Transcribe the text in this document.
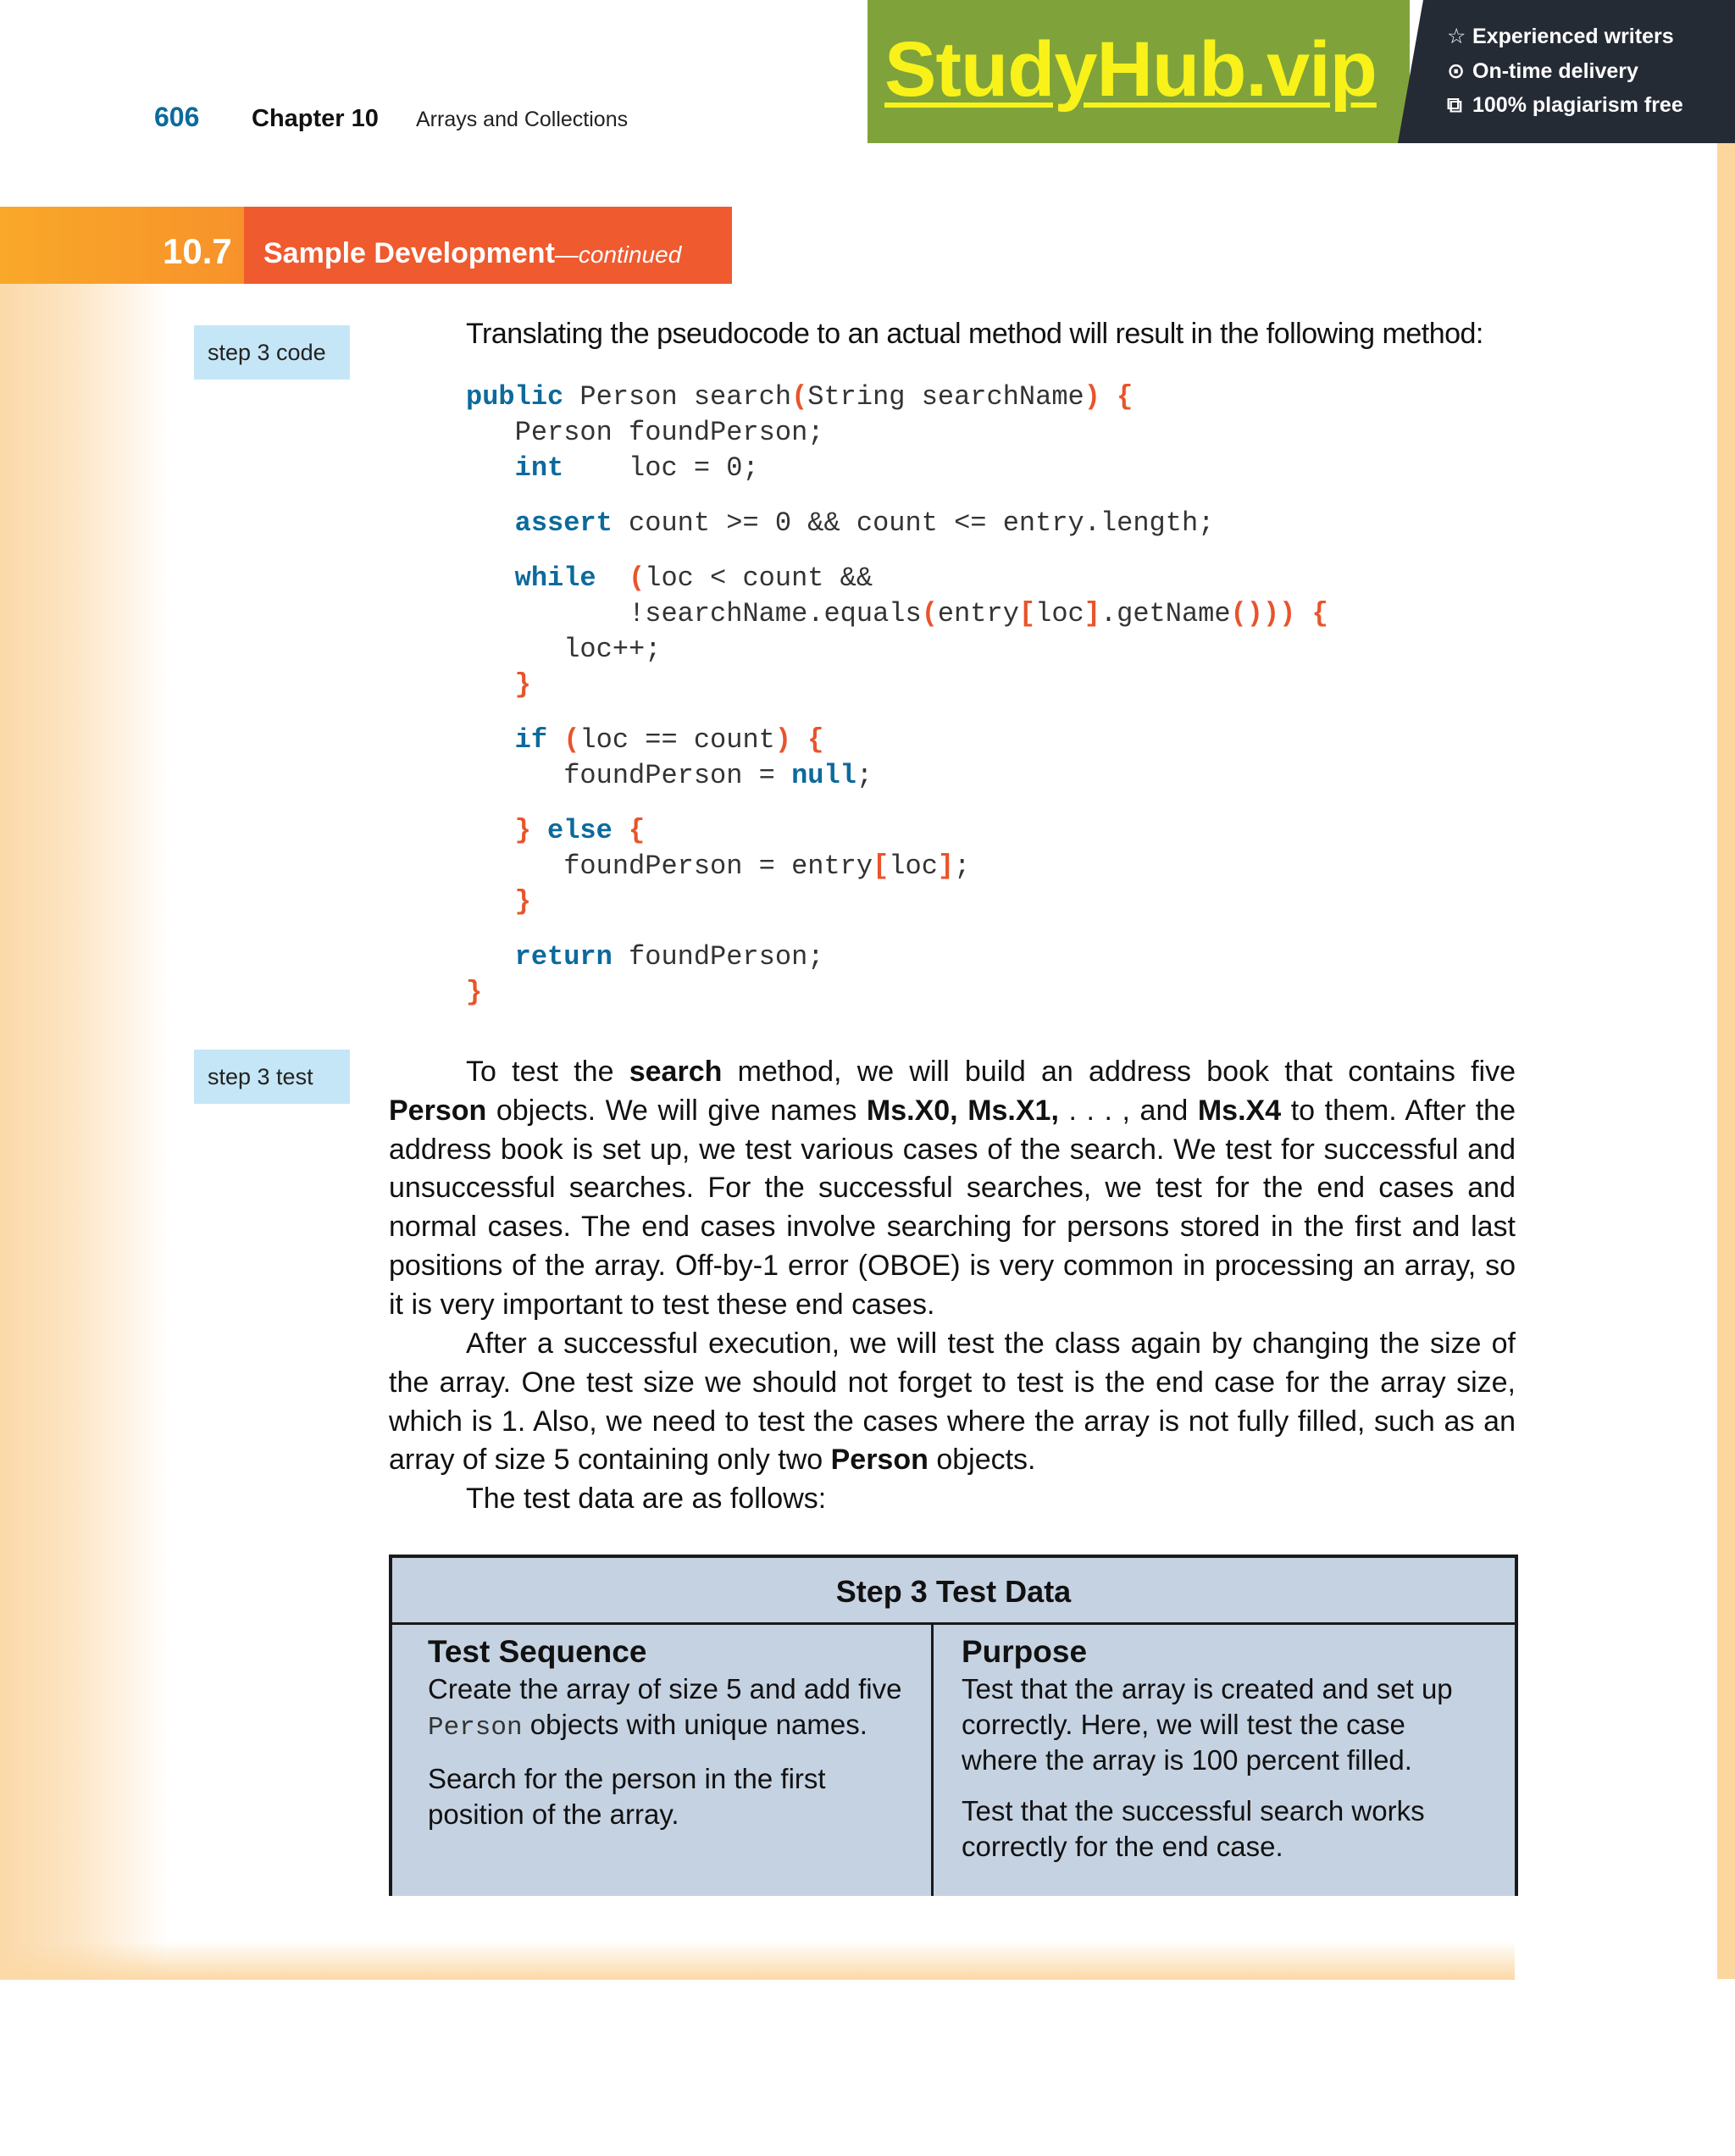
606 Chapter 10 Arrays and Collections
StudyHub.vip	☆ Experienced writers
⊙ On-time delivery
⧉ 100% plagiarism free
10.7 Sample Development—continued
step 3 code
step 3 test
Translating the pseudocode to an actual method will result in the following method:
public Person search(String searchName) {
Person foundPerson;
int    loc = 0;
assert count >= 0 && count <= entry.length;
while (loc < count &&
!searchName.equals(entry[loc].getName())) {
loc++;
}
if (loc == count) {
foundPerson = null;
} else {
foundPerson = entry[loc];
}
return foundPerson;
}

To test the search method, we will build an address book that contains five Person objects. We will give names Ms.X0, Ms.X1, . . . , and Ms.X4 to them. After the address book is set up, we test various cases of the search. We test for successful and unsuccessful searches. For the successful searches, we test for the end cases and normal cases. The end cases involve searching for persons stored in the first and last positions of the array. Off-by-1 error (OBOE) is very common in processing an array, so it is very important to test these end cases.

After a successful execution, we will test the class again by changing the size of the array. One test size we should not forget to test is the end case for the array size, which is 1. Also, we need to test the cases where the array is not fully filled, such as an array of size 5 containing only two Person objects.

The test data are as follows:

Step 3 Test Data
Test Sequence

Create the array of size 5 and add five Person objects with unique names.

Search for the person in the first position of the array.

Purpose

Test that the array is created and set up correctly. Here, we will test the case where the array is 100 percent filled.

Test that the successful search works correctly for the end case.
